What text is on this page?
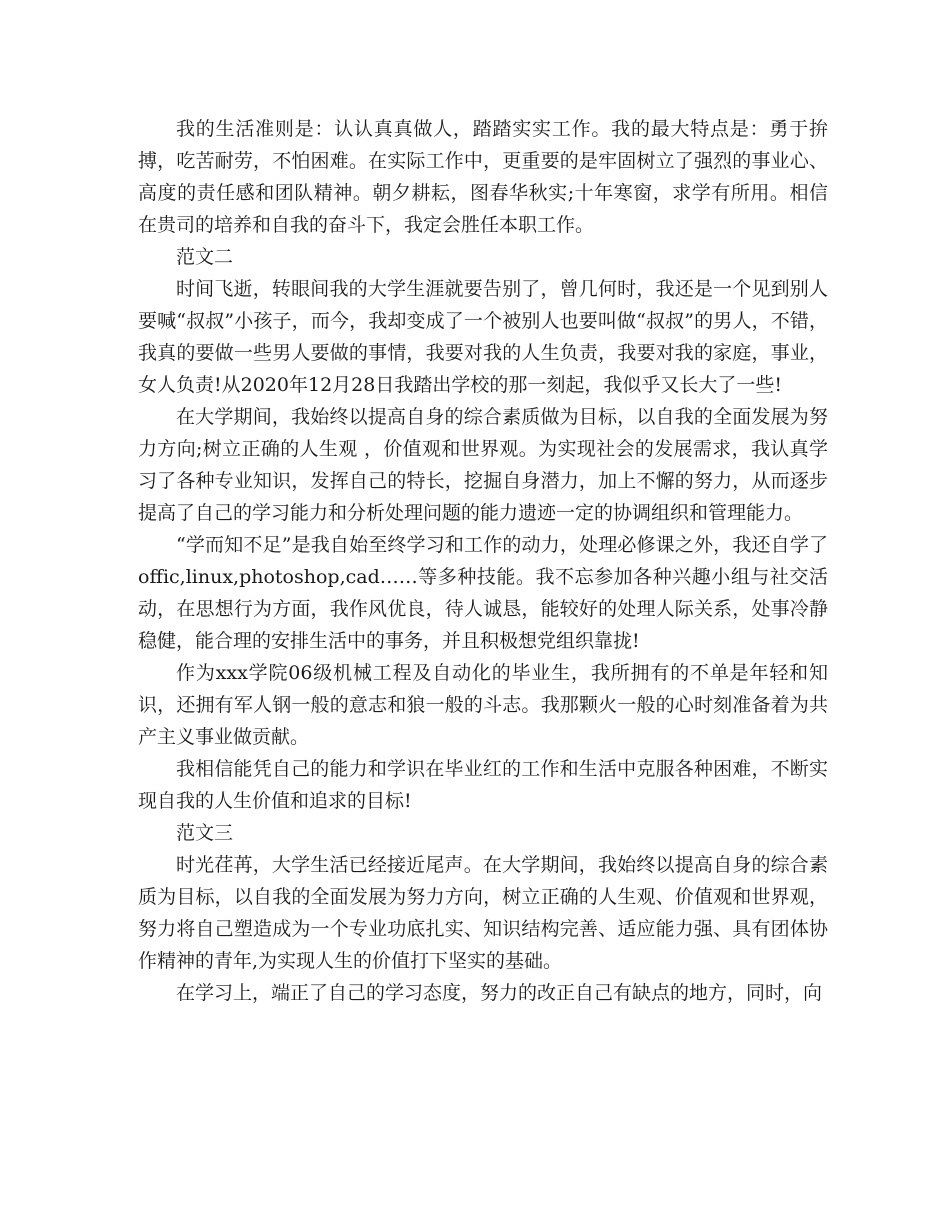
我的生活准则是：认认真真做人，踏踏实实工作。我的最大特点是：勇于拚搏，吃苦耐劳，不怕困难。在实际工作中，更重要的是牢固树立了强烈的事业心、高度的责任感和团队精神。朝夕耕耘，图春华秋实;十年寒窗，求学有所用。相信在贵司的培养和自我的奋斗下，我定会胜任本职工作。

范文二

时间飞逝，转眼间我的大学生涯就要告别了，曾几何时，我还是一个见到别人要喊“叔叔”小孩子，而今，我却变成了一个被别人也要叫做“叔叔”的男人，不错，我真的要做一些男人要做的事情，我要对我的人生负责，我要对我的家庭，事业，女人负责!从2020年12月28日我踏出学校的那一刻起，我似乎又长大了一些!

在大学期间，我始终以提高自身的综合素质做为目标，以自我的全面发展为努力方向;树立正确的人生观 ，价值观和世界观。为实现社会的发展需求，我认真学习了各种专业知识，发挥自己的特长，挖掘自身潜力，加上不懈的努力，从而逐步提高了自己的学习能力和分析处理问题的能力遗迹一定的协调组织和管理能力。

“学而知不足”是我自始至终学习和工作的动力，处理必修课之外，我还自学了offic,linux,photoshop,cad……等多种技能。我不忘参加各种兴趣小组与社交活动，在思想行为方面，我作风优良，待人诚恳，能较好的处理人际关系，处事冷静稳健，能合理的安排生活中的事务，并且积极想党组织靠拢!

作为xxx学院06级机械工程及自动化的毕业生，我所拥有的不单是年轻和知识，还拥有军人钢一般的意志和狼一般的斗志。我那颗火一般的心时刻准备着为共产主义事业做贡献。

我相信能凭自己的能力和学识在毕业红的工作和生活中克服各种困难，不断实现自我的人生价值和追求的目标!

范文三

时光荏苒，大学生活已经接近尾声。在大学期间，我始终以提高自身的综合素质为目标，以自我的全面发展为努力方向，树立正确的人生观、价值观和世界观，努力将自己塑造成为一个专业功底扎实、知识结构完善、适应能力强、具有团体协作精神的青年,为实现人生的价值打下坚实的基础。

在学习上，端正了自己的学习态度，努力的改正自己有缺点的地方，同时，向
